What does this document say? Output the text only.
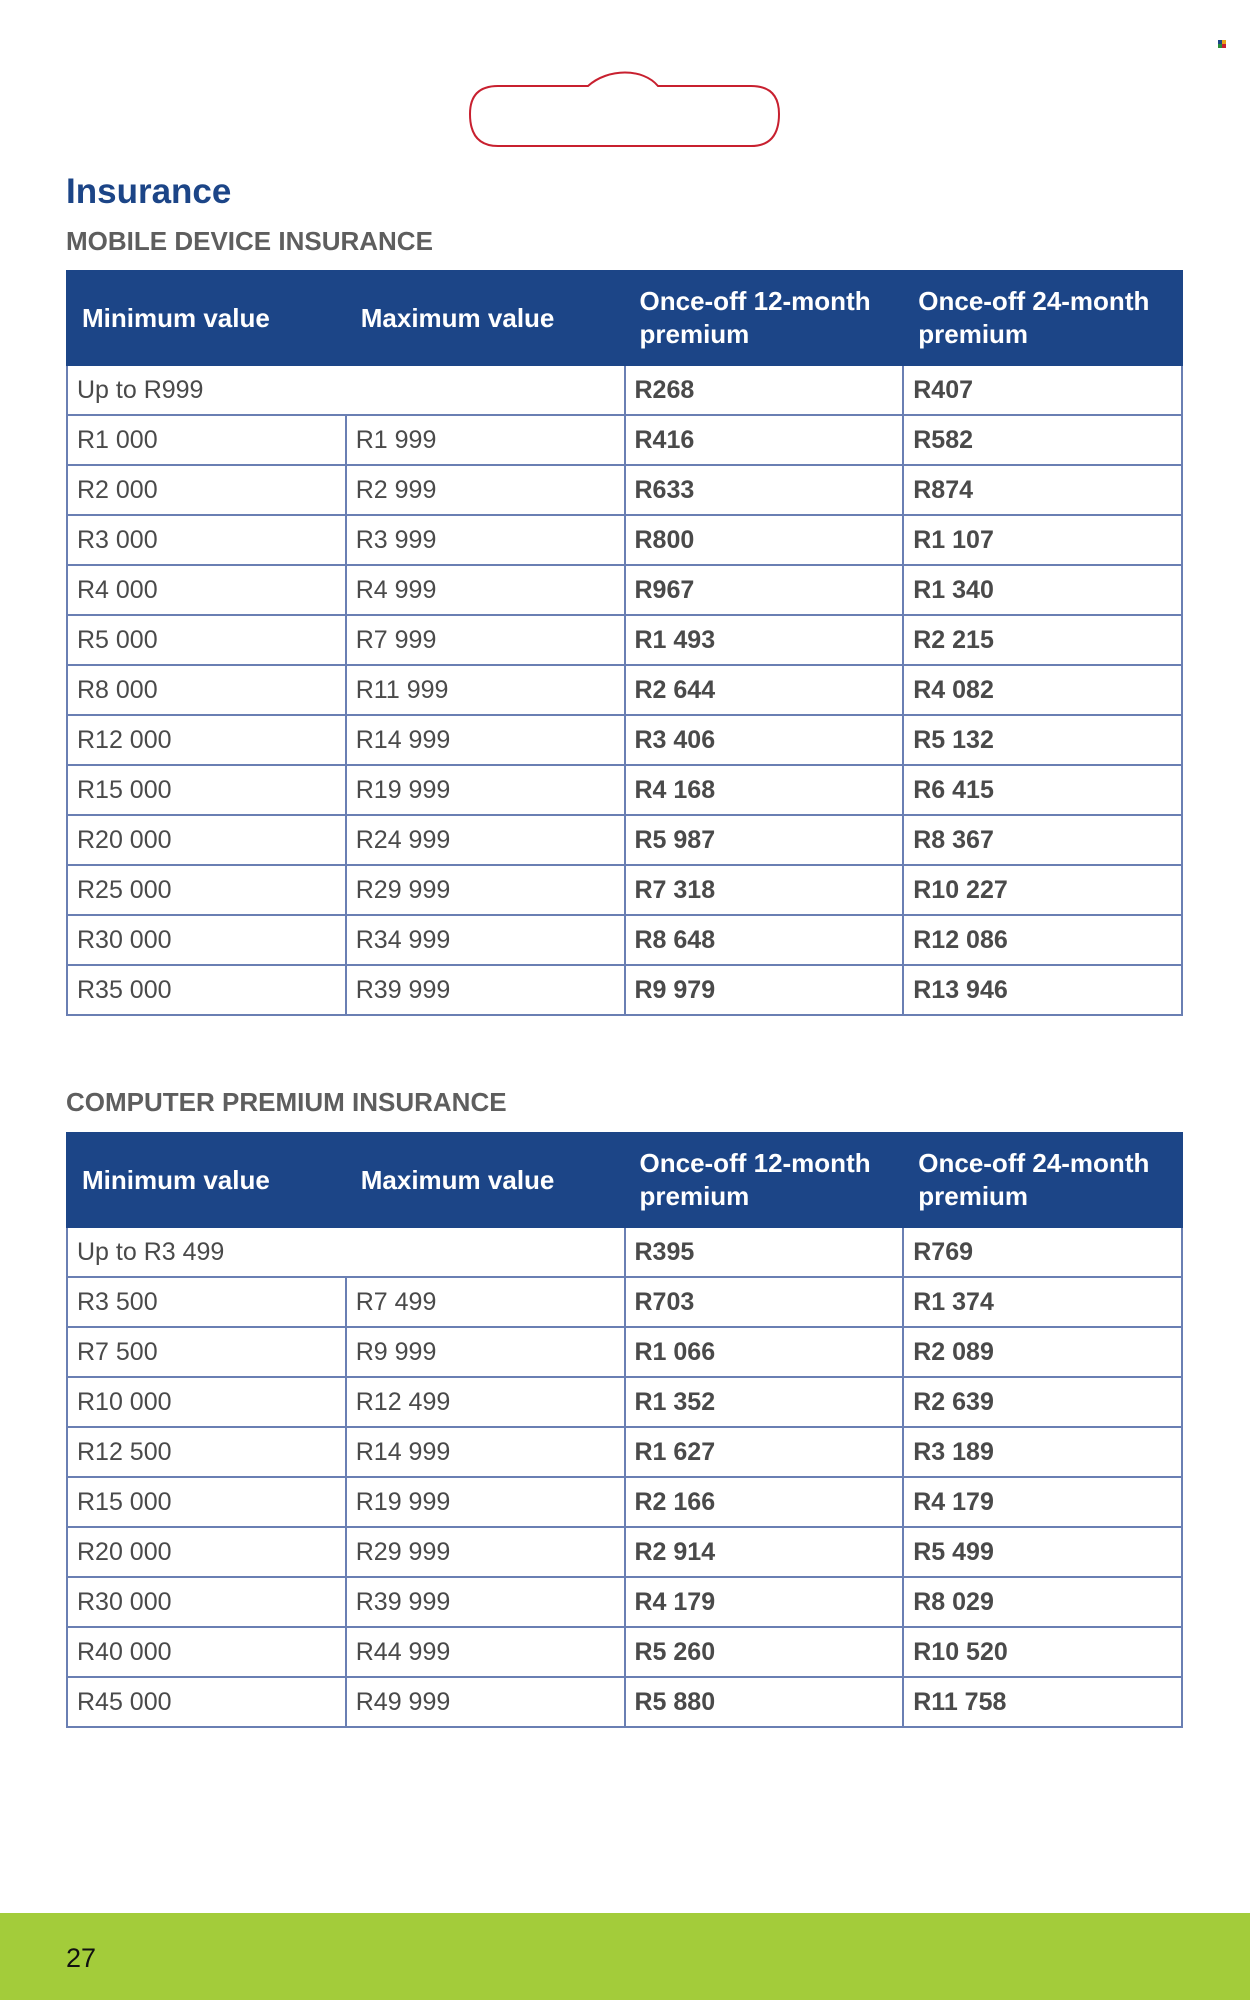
Insurance
MOBILE DEVICE INSURANCE
Minimum value	Maximum value	Once-off 12-month premium	Once-off 24-month premium
Up to R999		R268	R407
R1 000	R1 999	R416	R582
R2 000	R2 999	R633	R874
R3 000	R3 999	R800	R1 107
R4 000	R4 999	R967	R1 340
R5 000	R7 999	R1 493	R2 215
R8 000	R11 999	R2 644	R4 082
R12 000	R14 999	R3 406	R5 132
R15 000	R19 999	R4 168	R6 415
R20 000	R24 999	R5 987	R8 367
R25 000	R29 999	R7 318	R10 227
R30 000	R34 999	R8 648	R12 086
R35 000	R39 999	R9 979	R13 946
COMPUTER PREMIUM INSURANCE
Minimum value	Maximum value	Once-off 12-month premium	Once-off 24-month premium
Up to R3 499		R395	R769
R3 500	R7 499	R703	R1 374
R7 500	R9 999	R1 066	R2 089
R10 000	R12 499	R1 352	R2 639
R12 500	R14 999	R1 627	R3 189
R15 000	R19 999	R2 166	R4 179
R20 000	R29 999	R2 914	R5 499
R30 000	R39 999	R4 179	R8 029
R40 000	R44 999	R5 260	R10 520
R45 000	R49 999	R5 880	R11 758
27
